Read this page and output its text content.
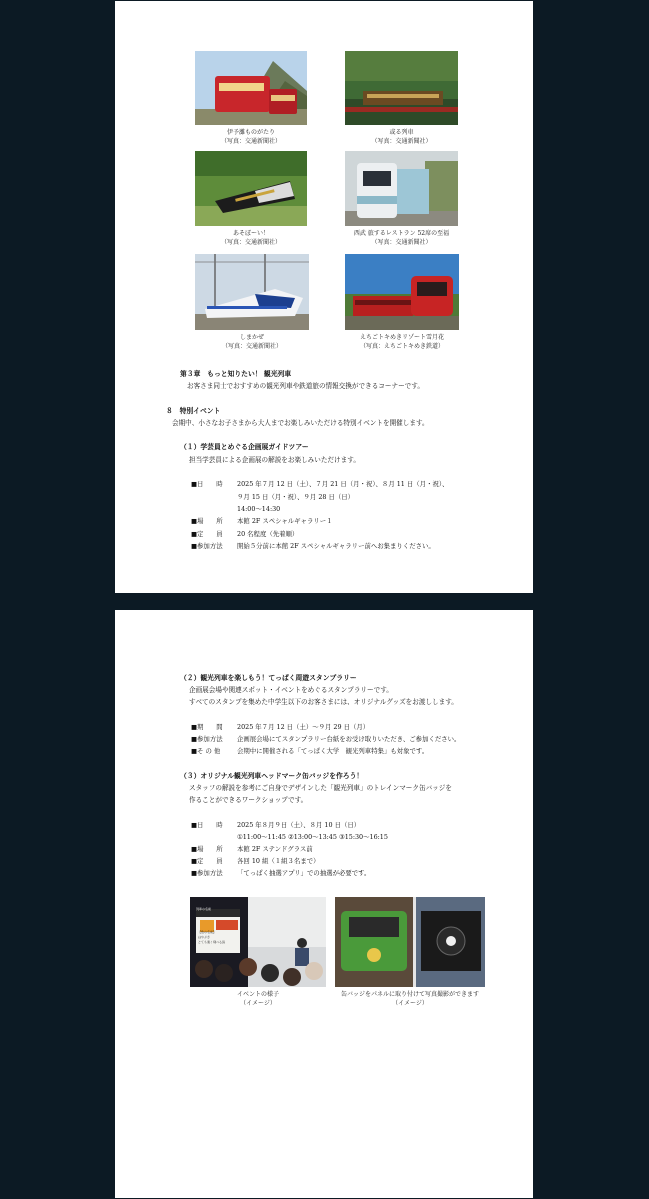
伊予灘ものがたり
（写真：交通新聞社）
或る列車
（写真：交通新聞社）
あそぼーい！
（写真：交通新聞社）
西武 旅するレストラン 52席の至福
（写真：交通新聞社）
しまかぜ
（写真：交通新聞社）
えちごトキめきリゾート雪月花
（写真：えちごトキめき鉄道）
第３章　もっと知りたい！ 観光列車
お客さま同士でおすすめの観光列車や鉄道旅の情報交換ができるコーナーです。
８　特別イベント
会期中、小さなお子さまから大人までお楽しみいただける特別イベントを開催します。
（１）学芸員とめぐる企画展ガイドツアー
担当学芸員による企画展の解説をお楽しみいただけます。
■日　　時 2025 年７月 12 日（土）、７月 21 日（月・祝）、８月 11 日（月・祝）、
９月 15 日（月・祝）、９月 28 日（日）
14:00～14:30
■場　　所 本館 2F スペシャルギャラリー１
■定　　員 20 名程度（先着順）
■参加方法 開始５分前に本館 2F スペシャルギャラリー前へお集まりください。
（２）観光列車を楽しもう！てっぱく周遊スタンプラリー
企画展会場や関連スポット・イベントをめぐるスタンプラリーです。
すべてのスタンプを集めた中学生以下のお客さまには、オリジナルグッズをお渡しします。
■期　　間 2025 年７月 12 日（土）～９月 29 日（月）
■参加方法 企画展会場にてスタンプラリー台紙をお受け取りいただき、ご参加ください。
■そ の 他	会期中に開催される「てっぱく大学　観光列車特集」も対象です。
（３）オリジナル観光列車ヘッドマーク缶バッジを作ろう！
スタッフの解説を参考にご自身でデザインした「観光列車」のトレインマーク缶バッジを
作ることができるワークショップです。
■日　　時 2025 年８月９日（土）、８月 10 日（日）
①11:00～11:45 ②13:00～13:45 ③15:30～16:15
■場　　所 本館 2F ステンドグラス前
■定　　員 各回 10 組（１組３名まで）
■参加方法 「てっぱく抽選アプリ」での抽選が必要です。
列車の名前
【魚の名前】
はやぶさ
とても速く飛べる鳥
イベントの様子
（イメージ）
缶バッジをパネルに取り付けて写真撮影ができます
（イメージ）
